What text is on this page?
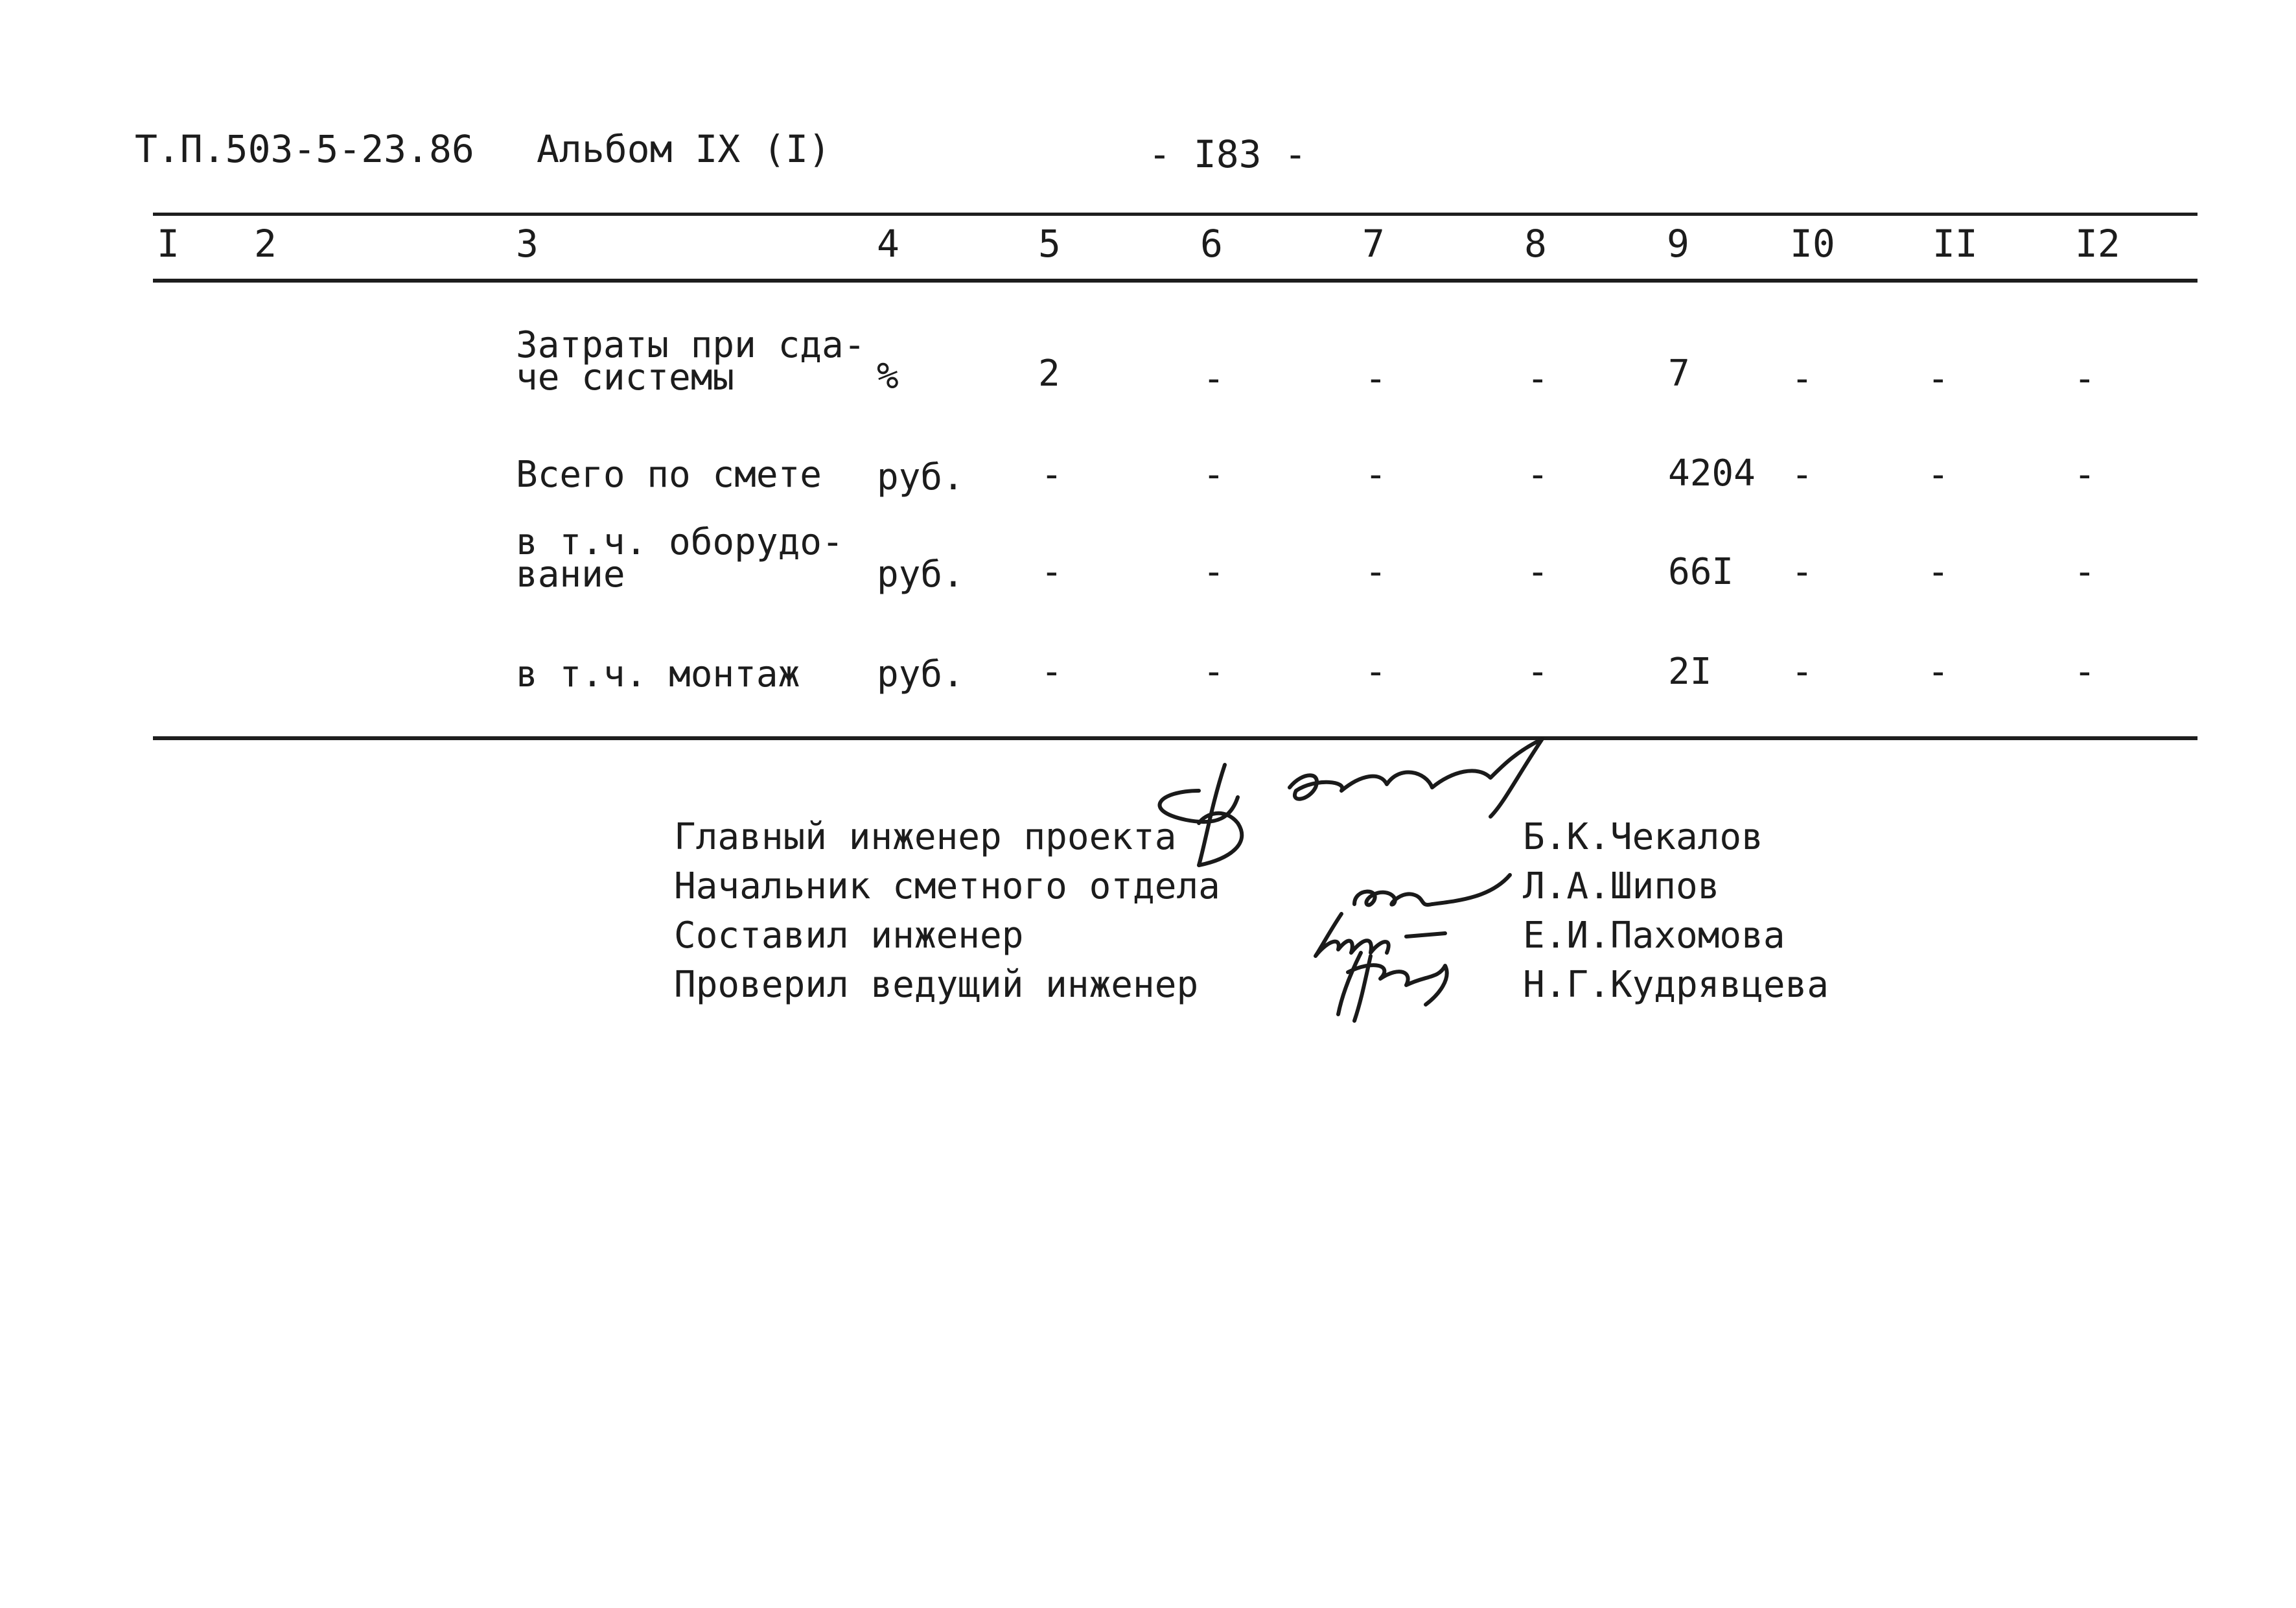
Т.П.503-5-23.86 Альбом IX (I)	- I83 -
I 2	3	4	5	6	7	8	9	I0	II	I2
Затраты при сда-
че системы	%	2	-	-	-	7	-	-	-
Всего по смете руб. -	-	-	-	4204 -	-	-
в т.ч. оборудо-
вание	руб. -	-	-	-	66I -	-	-
в т.ч. монтаж руб. -	-	-	-	2I -	-	-
Главный инженер проекта
Начальник сметного отдела
Составил инженер
Проверил ведущий инженер
Б.К.Чекалов
Л.А.Шипов
Е.И.Пахомова
Н.Г.Кудрявцева
